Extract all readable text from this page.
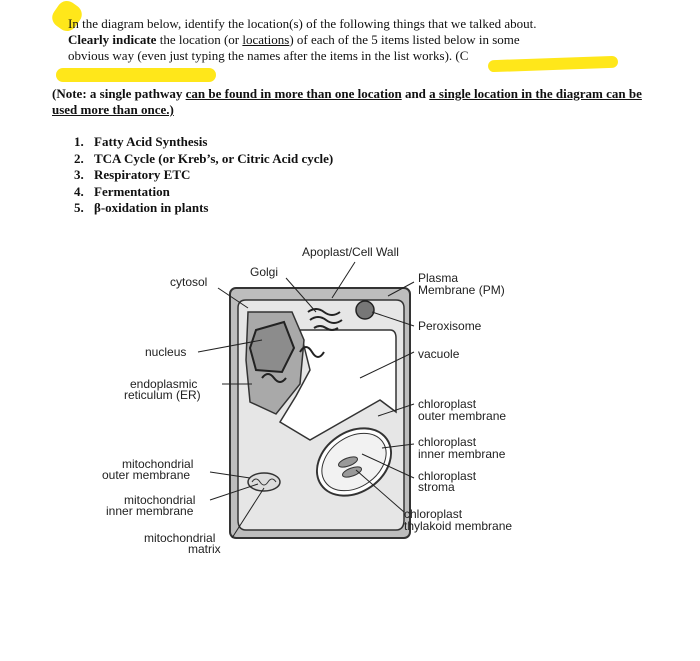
In the diagram below, identify the location(s) of the following things that we talked about.
Clearly indicate the location (or locations) of each of the 5 items listed below in some
obvious way (even just typing the names after the items in the list works). (C
(Note: a single pathway can be found in more than one location and a single location in the diagram can be used more than once.)
1. Fatty Acid Synthesis
2. TCA Cycle (or Kreb’s, or Citric Acid cycle)
3. Respiratory ETC
4. Fermentation
5. β-oxidation in plants
Apoplast/Cell Wall
Golgi
cytosol
nucleus
endoplasmic
reticulum (ER)
mitochondrial
outer membrane
mitochondrial
inner membrane
mitochondrial
matrix
Plasma
Membrane (PM)
Peroxisome
vacuole
chloroplast
outer membrane
chloroplast
inner membrane
chloroplast
stroma
chloroplast
thylakoid membrane
